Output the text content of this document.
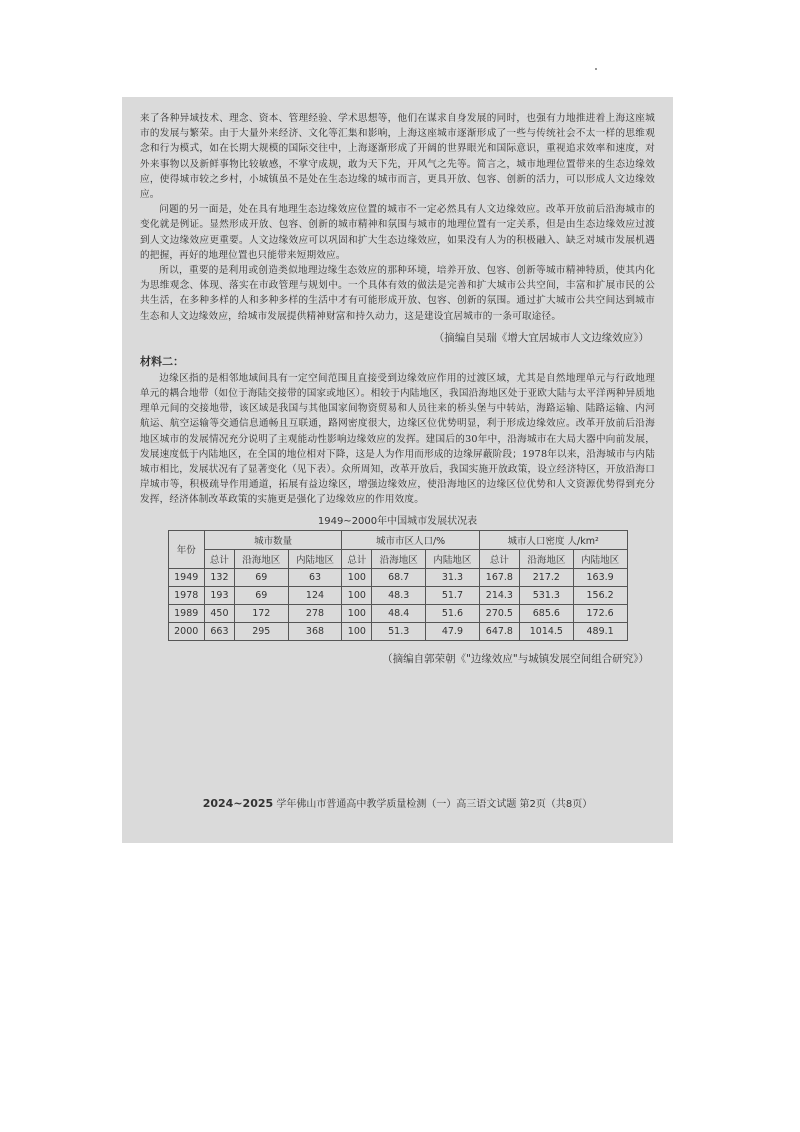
来了各种异域技术、理念、资本、管理经验、学术思想等，他们在谋求自身发展的同时，也强有力地推进着上海这座城市的发展与繁荣。由于大量外来经济、文化等汇集和影响，上海这座城市逐渐形成了一些与传统社会不太一样的思维观念和行为模式，如在长期大规模的国际交往中，上海逐渐形成了开阔的世界眼光和国际意识，重视追求效率和速度，对外来事物以及新鲜事物比较敏感，不掌守成规，敢为天下先，开风气之先等。简言之，城市地理位置带来的生态边缘效应，使得城市较之乡村，小城镇虽不是处在生态边缘的城市而言，更具开放、包容、创新的活力，可以形成人文边缘效应。

问题的另一面是，处在具有地理生态边缘效应位置的城市不一定必然具有人文边缘效应。改革开放前后沿海城市的变化就是例证。显然形成开放、包容、创新的城市精神和氛围与城市的地理位置有一定关系，但是由生态边缘效应过渡到人文边缘效应更重要。人文边缘效应可以巩固和扩大生态边缘效应，如果没有人为的积极融入、缺乏对城市发展机遇的把握，再好的地理位置也只能带来短期效应。

所以，重要的是利用或创造类似地理边缘生态效应的那种环境，培养开放、包容、创新等城市精神特质，使其内化为思维观念、体现、落实在市政管理与规划中。一个具体有效的做法是完善和扩大城市公共空间，丰富和扩展市民的公共生活，在多种多样的人和多种多样的生活中才有可能形成开放、包容、创新的氛围。通过扩大城市公共空间达到城市生态和人文边缘效应，给城市发展提供精神财富和持久动力，这是建设宜居城市的一条可取途径。

（摘编自吴瑞《增大宜居城市人文边缘效应》）
材料二：

边缘区指的是相邻地域间具有一定空间范围且直接受到边缘效应作用的过渡区域，尤其是自然地理单元与行政地理单元的耦合地带（如位于海陆交接带的国家或地区）。相较于内陆地区，我国沿海地区处于亚欧大陆与太平洋两种异质地理单元间的交接地带，该区域是我国与其他国家间物资贸易和人员往来的桥头堡与中转站，海路运输、陆路运输、内河航运、航空运输等交通信息通畅且互联通，路网密度很大，边缘区位优势明显，利于形成边缘效应。改革开放前后沿海地区城市的发展情况充分说明了主观能动性影响边缘效应的发挥。建国后的30年中，沿海城市在大局大器中向前发展，发展速度低于内陆地区，在全国的地位相对下降，这是人为作用而形成的边缘屏蔽阶段；1978年以来，沿海城市与内陆城市相比，发展状况有了显著变化（见下表）。众所周知，改革开放后，我国实施开放政策，设立经济特区，开放沿海口岸城市等，积极疏导作用通道，拓展有益边缘区，增强边缘效应，使沿海地区的边缘区位优势和人文资源优势得到充分发挥，经济体制改革政策的实施更是强化了边缘效应的作用效度。

1949~2000年中国城市发展状况表
年份	城市数量			城市市区人口/%			城市人口密度 人/km²		
	总计	沿海地区	内陆地区	总计	沿海地区	内陆地区	总计	沿海地区	内陆地区
1949	132	69	63	100	68.7	31.3	167.8	217.2	163.9
1978	193	69	124	100	48.3	51.7	214.3	531.3	156.2
1989	450	172	278	100	48.4	51.6	270.5	685.6	172.6
2000	663	295	368	100	51.3	47.9	647.8	1014.5	489.1
（摘编自郭荣朝《"边缘效应"与城镇发展空间组合研究》）
2024~2025 学年佛山市普通高中教学质量检测（一）高三语文试题 第2页（共8页）
